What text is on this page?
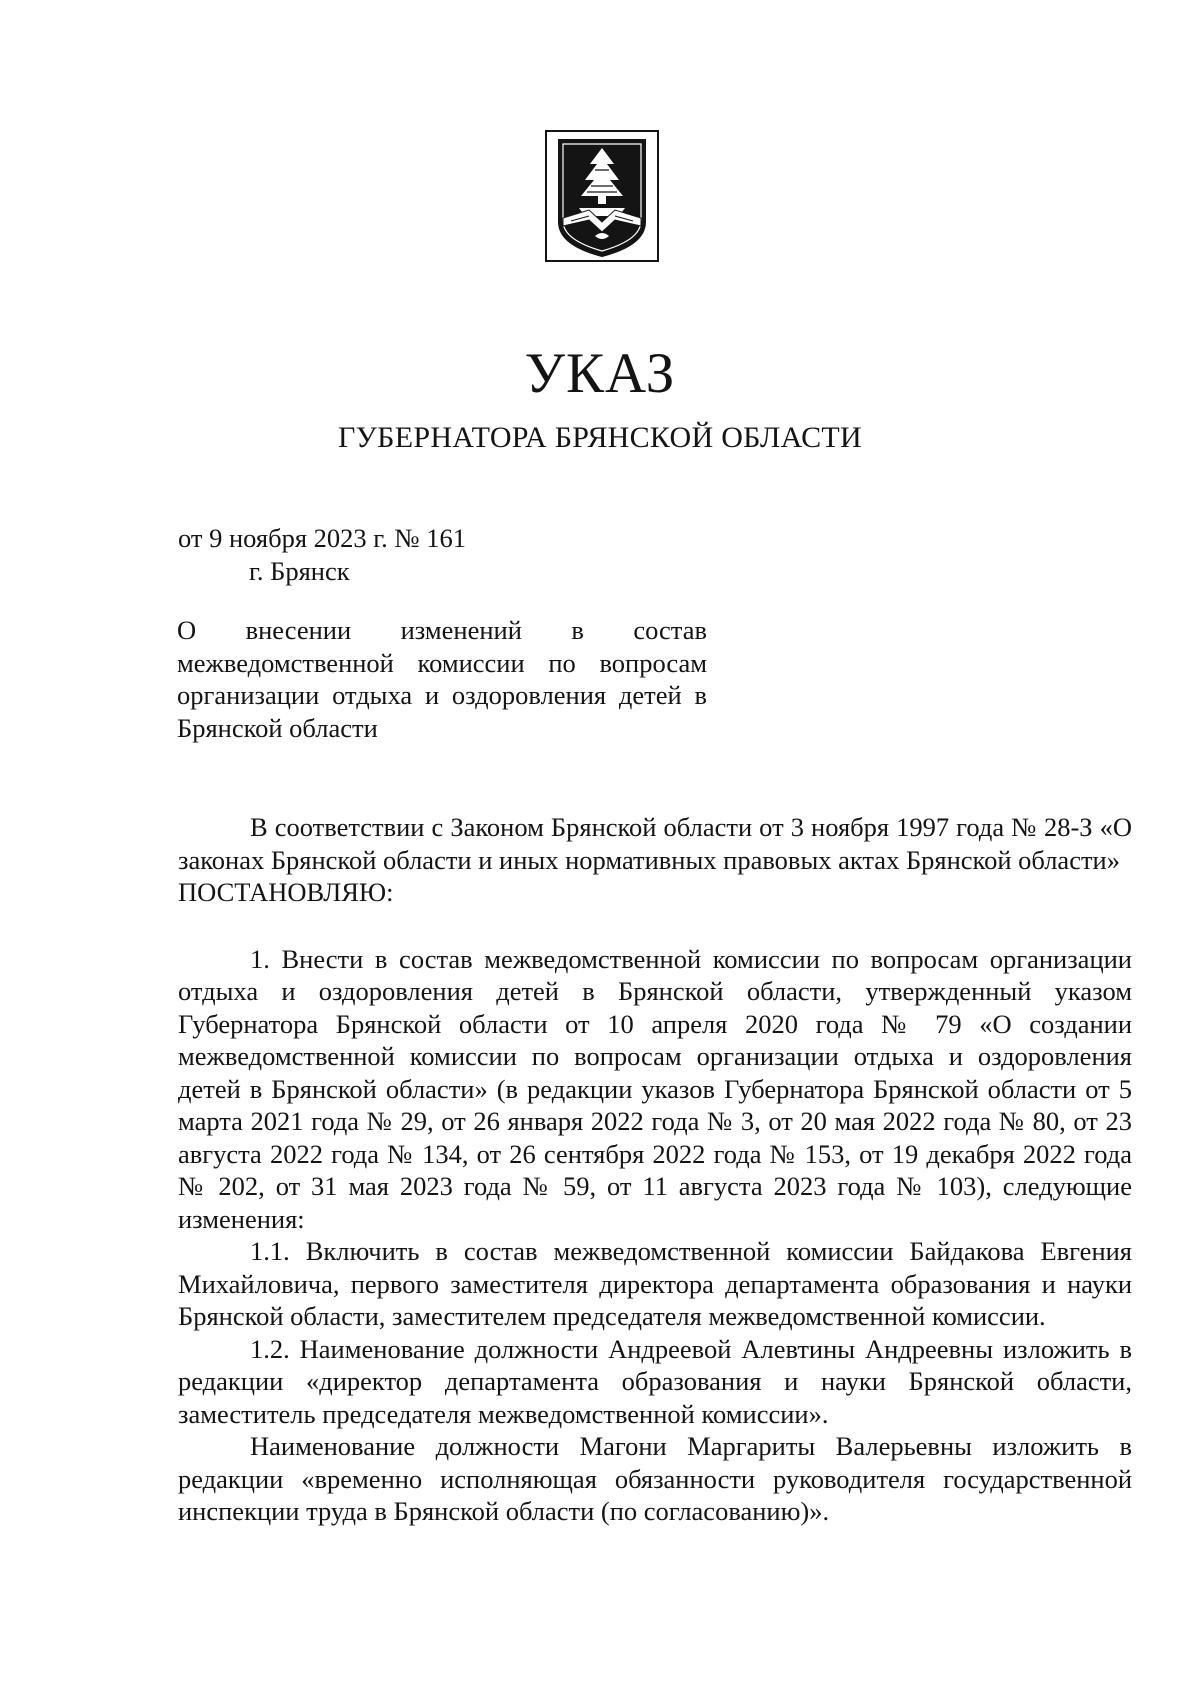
УКАЗ
ГУБЕРНАТОРА БРЯНСКОЙ ОБЛАСТИ
от 9 ноября 2023 г. № 161
г. Брянск
О внесении изменений в состав межведомственной комиссии по вопросам организации отдыха и оздоровления детей в Брянской области

В соответствии с Законом Брянской области от 3 ноября 1997 года № 28-З «О законах Брянской области и иных нормативных правовых актах Брянской области»

ПОСТАНОВЛЯЮ:

1. Внести в состав межведомственной комиссии по вопросам организации отдыха и оздоровления детей в Брянской области, утвержденный указом Губернатора Брянской области от 10 апреля 2020 года № 79 «О создании межведомственной комиссии по вопросам организации отдыха и оздоровления детей в Брянской области» (в редакции указов Губернатора Брянской области от 5 марта 2021 года № 29, от 26 января 2022 года № 3, от 20 мая 2022 года № 80, от 23 августа 2022 года № 134, от 26 сентября 2022 года № 153, от 19 декабря 2022 года № 202, от 31 мая 2023 года № 59, от 11 августа 2023 года № 103), следующие изменения:

1.1. Включить в состав межведомственной комиссии Байдакова Евгения Михайловича, первого заместителя директора департамента образования и науки Брянской области, заместителем председателя межведомственной комиссии.

1.2. Наименование должности Андреевой Алевтины Андреевны изложить в редакции «директор департамента образования и науки Брянской области, заместитель председателя межведомственной комиссии».

Наименование должности Магони Маргариты Валерьевны изложить в редакции «временно исполняющая обязанности руководителя государственной инспекции труда в Брянской области (по согласованию)».
